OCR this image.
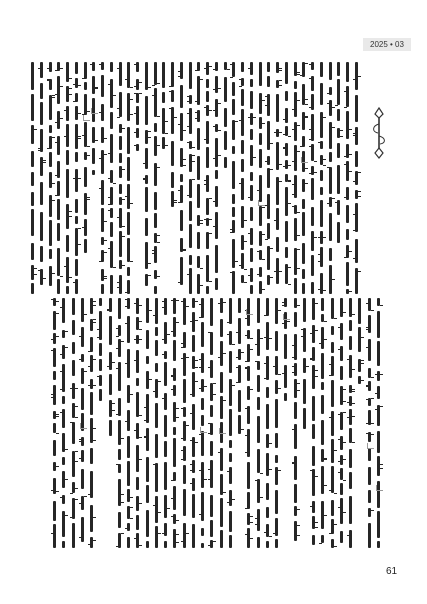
2025 • 03
61
